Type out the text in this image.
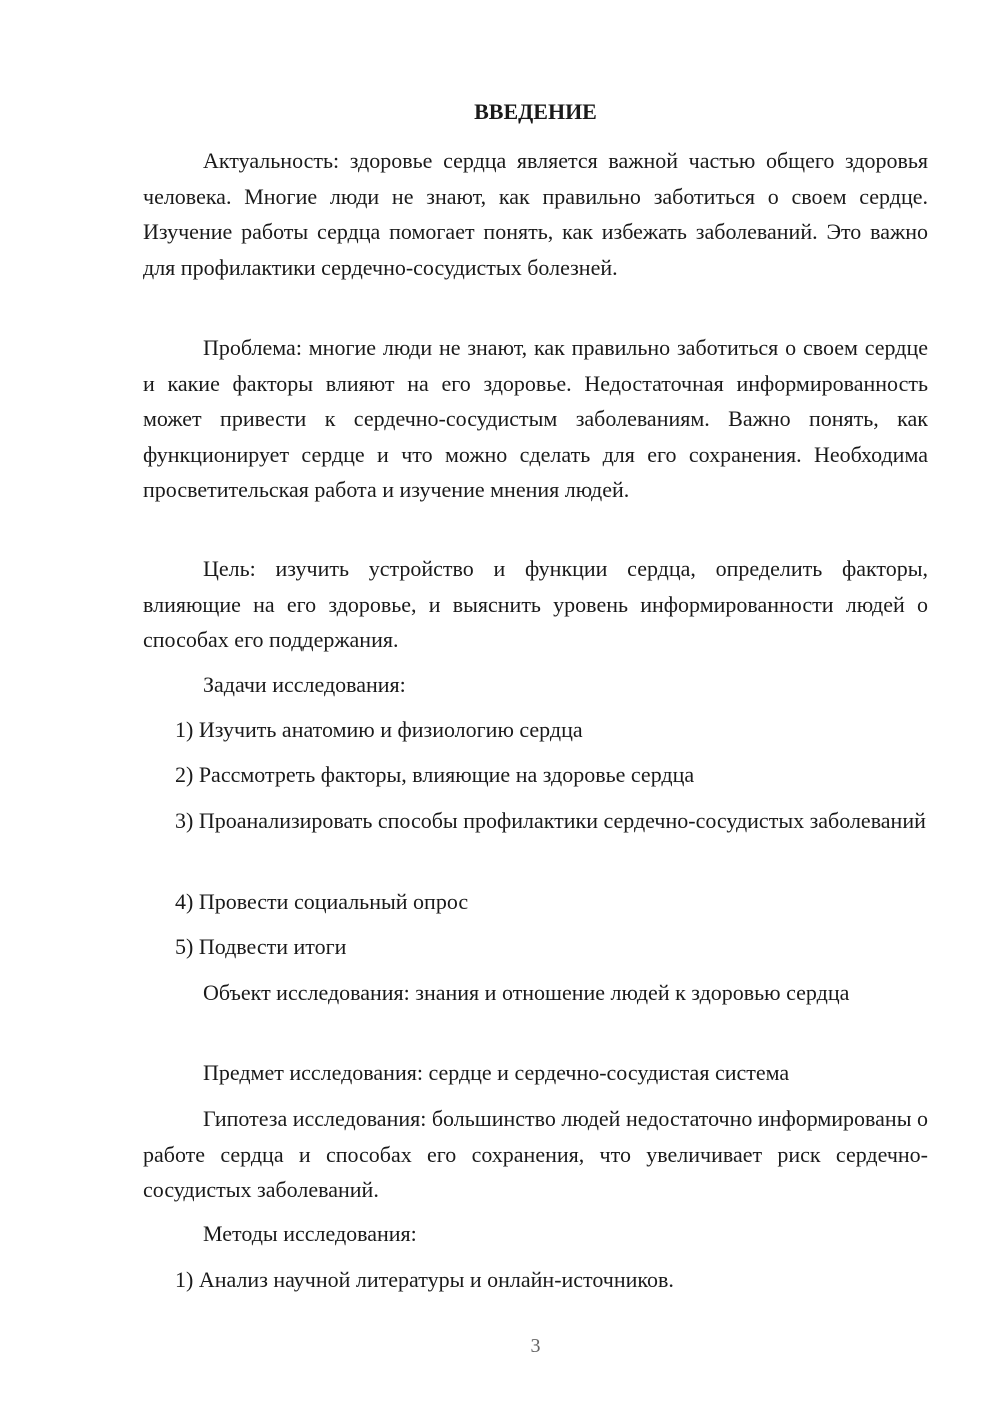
ВВЕДЕНИЕ

Актуальность: здоровье сердца является важной частью общего здоровья человека. Многие люди не знают, как правильно заботиться о своем сердце. Изучение работы сердца помогает понять, как избежать заболеваний. Это важно для профилактики сердечно-сосудистых болезней.

Проблема: многие люди не знают, как правильно заботиться о своем сердце и какие факторы влияют на его здоровье. Недостаточная информированность может привести к сердечно-сосудистым заболеваниям. Важно понять, как функционирует сердце и что можно сделать для его сохранения. Необходима просветительская работа и изучение мнения людей.

Цель: изучить устройство и функции сердца, определить факторы, влияющие на его здоровье, и выяснить уровень информированности людей о способах его поддержания.

Задачи исследования:

1) Изучить анатомию и физиологию сердца

2) Рассмотреть факторы, влияющие на здоровье сердца

3) Проанализировать способы профилактики сердечно-сосудистых заболеваний

4) Провести социальный опрос

5) Подвести итоги

Объект исследования: знания и отношение людей к здоровью сердца

Предмет исследования: сердце и сердечно-сосудистая система

Гипотеза исследования: большинство людей недостаточно информированы о работе сердца и способах его сохранения, что увеличивает риск сердечно-сосудистых заболеваний.

Методы исследования:

1) Анализ научной литературы и онлайн-источников.

3
